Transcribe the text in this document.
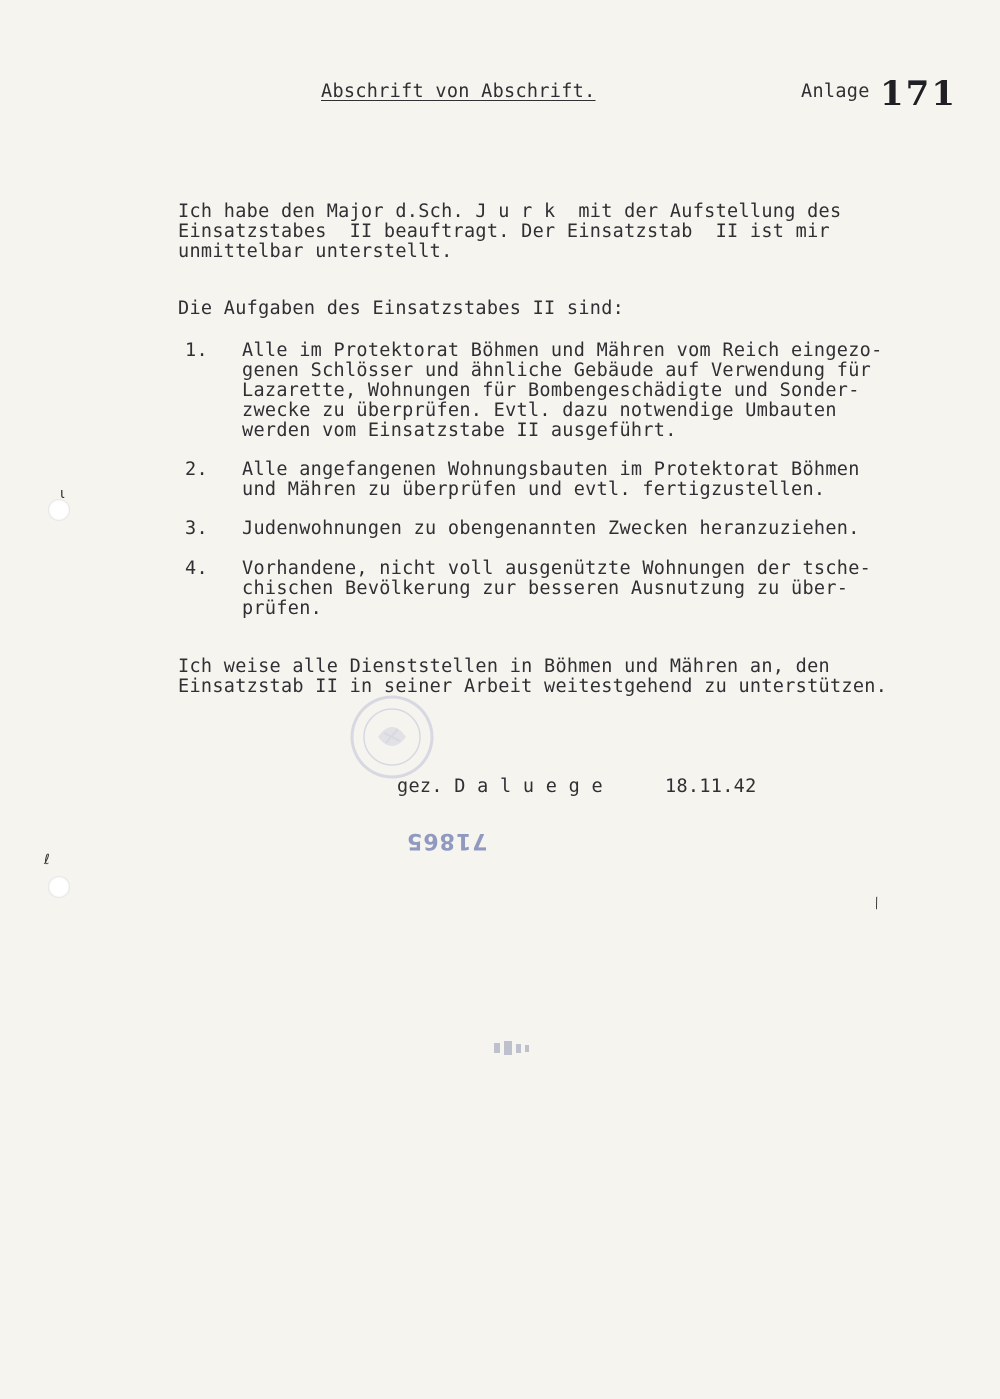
ι
ℓ
⁄
Abschrift von Abschrift.	Anlage 171
Ich habe den Major d.Sch. J u r k  mit der Aufstellung des
Einsatzstabes  II beauftragt. Der Einsatzstab  II ist mir
unmittelbar unterstellt.
Die Aufgaben des Einsatzstabes II sind:
1. Alle im Protektorat Böhmen und Mähren vom Reich eingezo-
genen Schlösser und ähnliche Gebäude auf Verwendung für
Lazarette, Wohnungen für Bombengeschädigte und Sonder-
zwecke zu überprüfen. Evtl. dazu notwendige Umbauten
werden vom Einsatzstabe II ausgeführt.
2. Alle angefangenen Wohnungsbauten im Protektorat Böhmen
und Mähren zu überprüfen und evtl. fertigzustellen.
3. Judenwohnungen zu obengenannten Zwecken heranzuziehen.
4. Vorhandene, nicht voll ausgenützte Wohnungen der tsche-
chischen Bevölkerung zur besseren Ausnutzung zu über-
prüfen.
Ich weise alle Dienststellen in Böhmen und Mähren an, den
Einsatzstab II in seiner Arbeit weitestgehend zu unterstützen.
gez. D a l u e g e	18.11.42
71865
